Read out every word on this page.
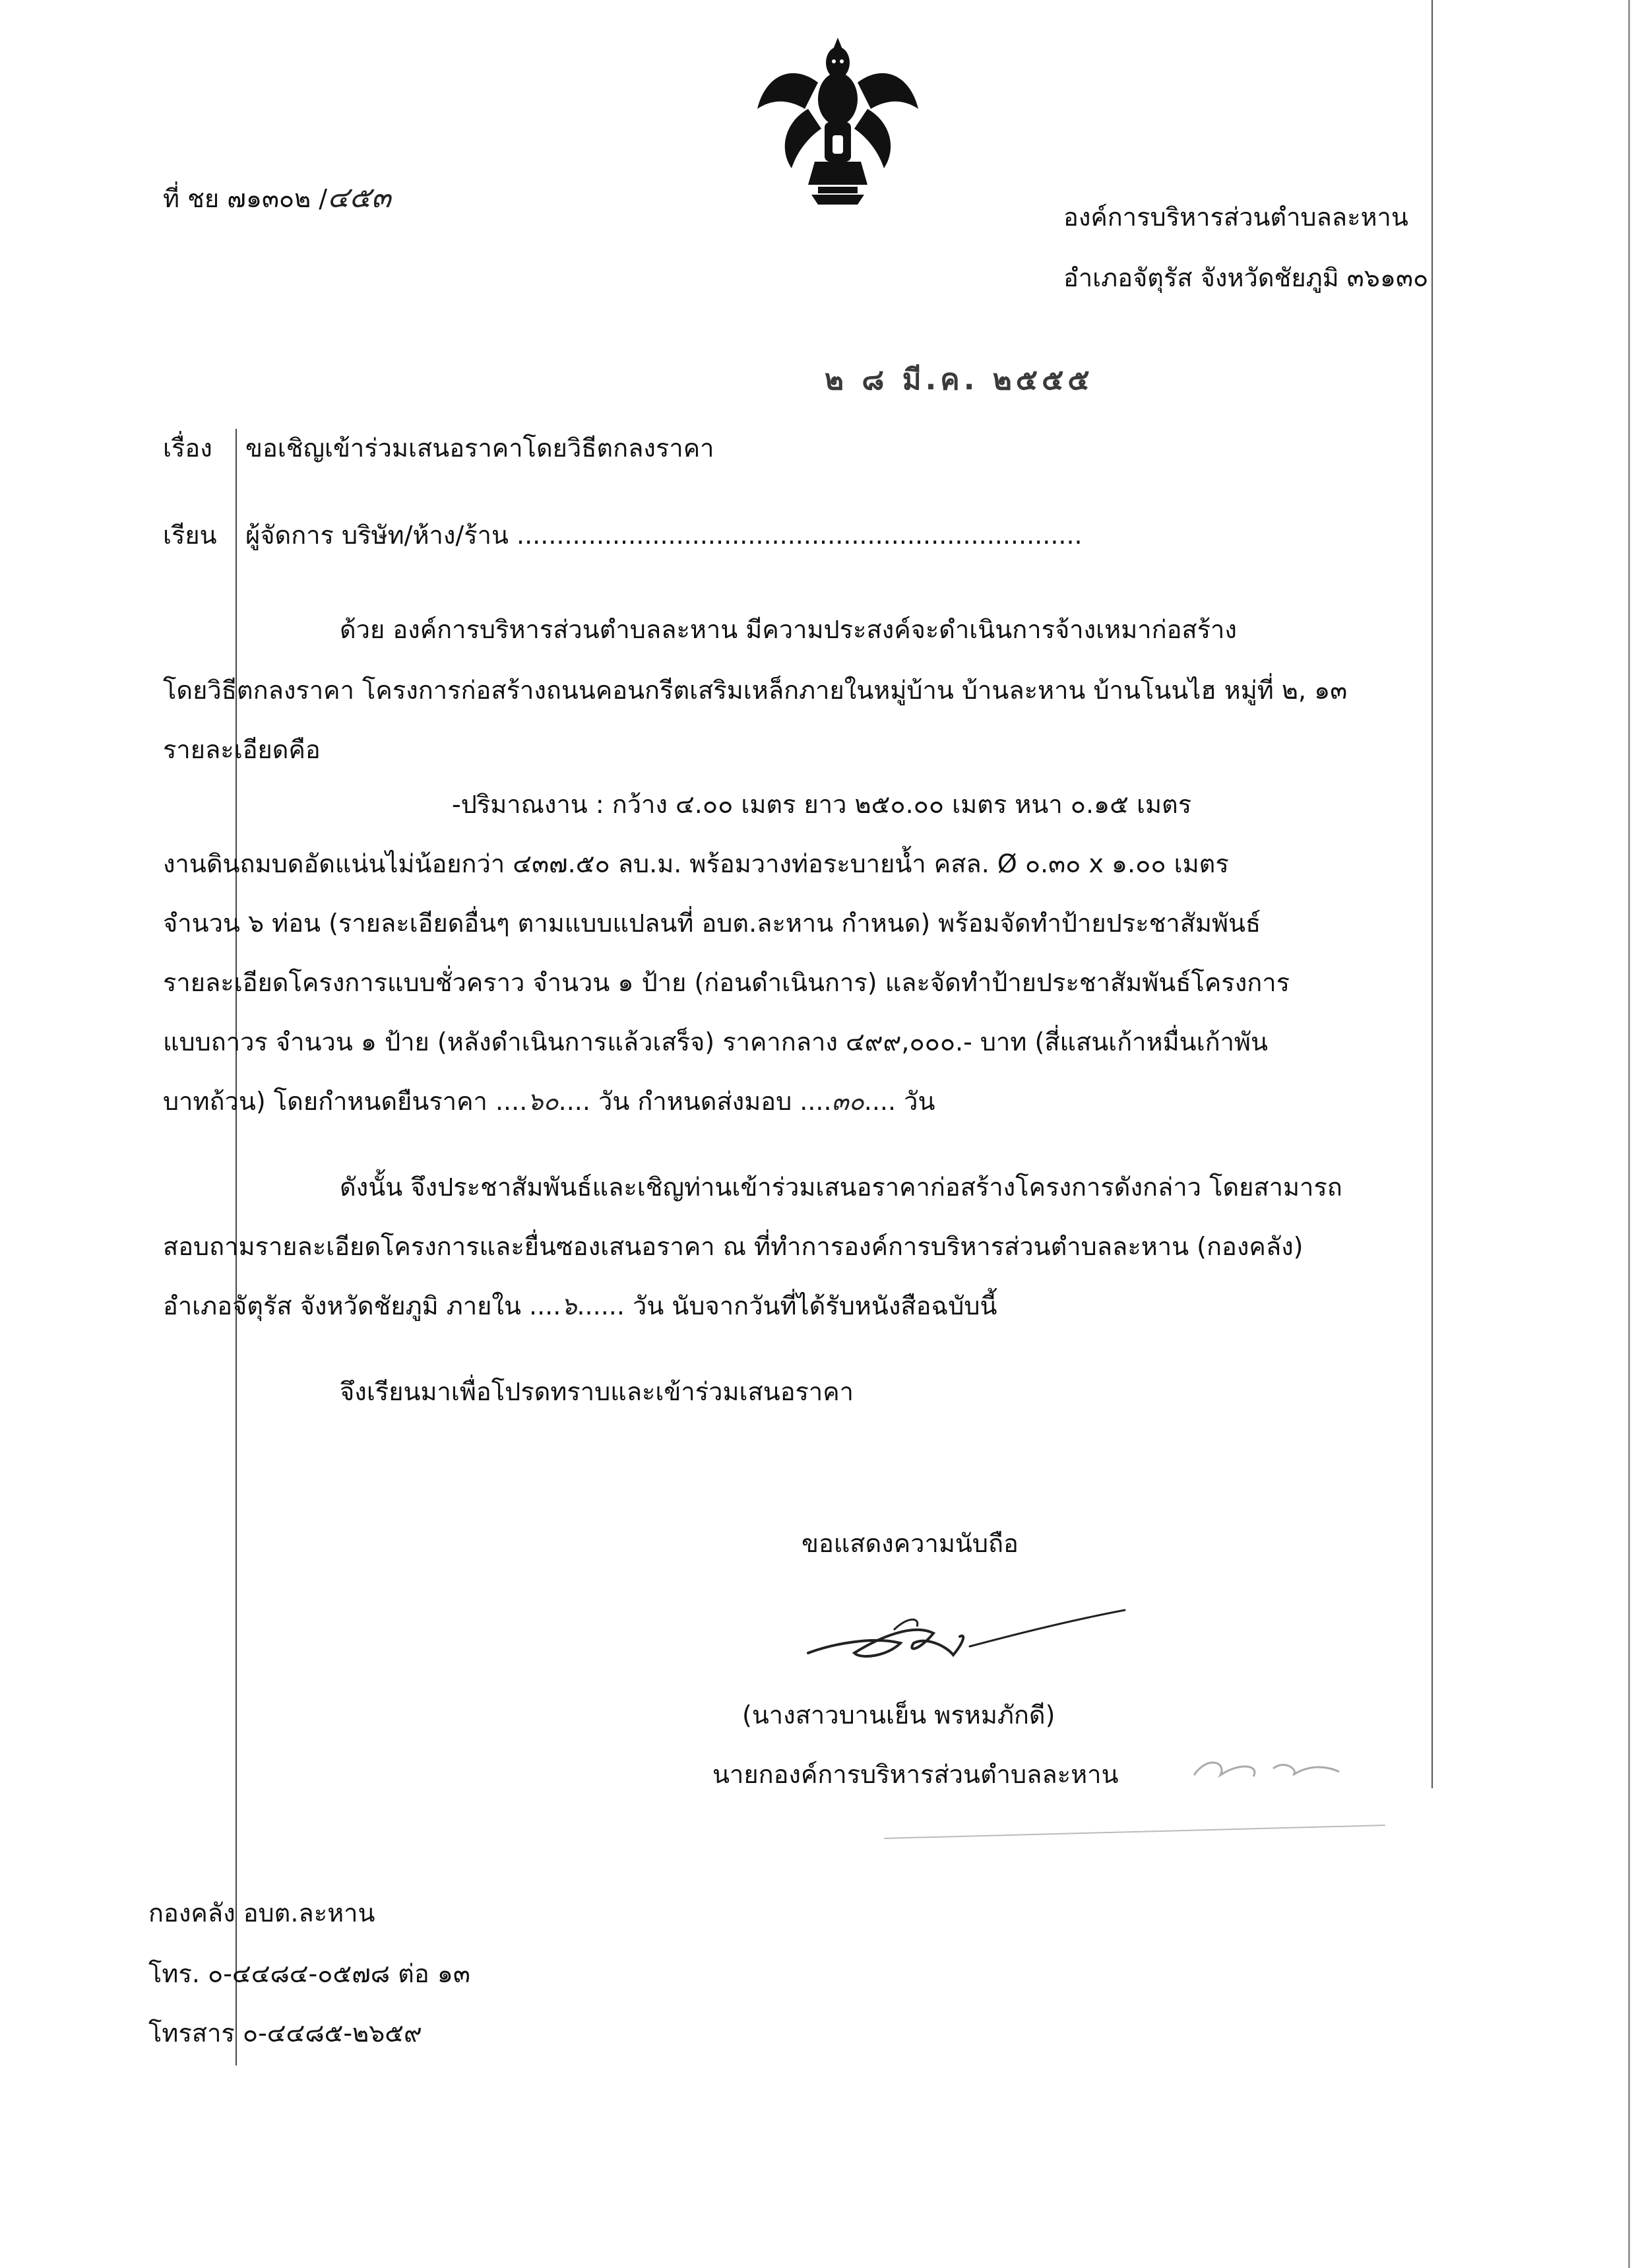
ที่ ชย ๗๑๓๐๒ /๔๕๓
องค์การบริหารส่วนตำบลละหาน
อำเภอจัตุรัส จังหวัดชัยภูมิ ๓๖๑๓๐
๒ ๘ มี.ค. ๒๕๕๕
เรื่อง ขอเชิญเข้าร่วมเสนอราคาโดยวิธีตกลงราคา
เรียน ผู้จัดการ บริษัท/ห้าง/ร้าน .......................................................................
ด้วย องค์การบริหารส่วนตำบลละหาน มีความประสงค์จะดำเนินการจ้างเหมาก่อสร้าง
โดยวิธีตกลงราคา โครงการก่อสร้างถนนคอนกรีตเสริมเหล็กภายในหมู่บ้าน บ้านละหาน บ้านโนนไฮ หมู่ที่ ๒, ๑๓
รายละเอียดคือ
-ปริมาณงาน : กว้าง ๔.๐๐ เมตร ยาว ๒๕๐.๐๐ เมตร หนา ๐.๑๕ เมตร
งานดินถมบดอัดแน่นไม่น้อยกว่า ๔๓๗.๕๐ ลบ.ม. พร้อมวางท่อระบายน้ำ คสล. Ø ๐.๓๐ x ๑.๐๐ เมตร
จำนวน ๖ ท่อน (รายละเอียดอื่นๆ ตามแบบแปลนที่ อบต.ละหาน กำหนด) พร้อมจัดทำป้ายประชาสัมพันธ์
รายละเอียดโครงการแบบชั่วคราว จำนวน ๑ ป้าย (ก่อนดำเนินการ) และจัดทำป้ายประชาสัมพันธ์โครงการ
แบบถาวร จำนวน ๑ ป้าย (หลังดำเนินการแล้วเสร็จ) ราคากลาง ๔๙๙,๐๐๐.- บาท (สี่แสนเก้าหมื่นเก้าพัน
บาทถ้วน) โดยกำหนดยืนราคา ....๖๐.... วัน กำหนดส่งมอบ ....๓๐.... วัน
ดังนั้น จึงประชาสัมพันธ์และเชิญท่านเข้าร่วมเสนอราคาก่อสร้างโครงการดังกล่าว โดยสามารถ
สอบถามรายละเอียดโครงการและยื่นซองเสนอราคา ณ ที่ทำการองค์การบริหารส่วนตำบลละหาน (กองคลัง)
อำเภอจัตุรัส จังหวัดชัยภูมิ ภายใน ....๖...... วัน นับจากวันที่ได้รับหนังสือฉบับนี้
จึงเรียนมาเพื่อโปรดทราบและเข้าร่วมเสนอราคา
ขอแสดงความนับถือ
(นางสาวบานเย็น พรหมภักดี)
นายกองค์การบริหารส่วนตำบลละหาน
กองคลัง อบต.ละหาน
โทร. ๐-๔๔๘๔-๐๕๗๘ ต่อ ๑๓
โทรสาร ๐-๔๔๘๕-๒๖๕๙
